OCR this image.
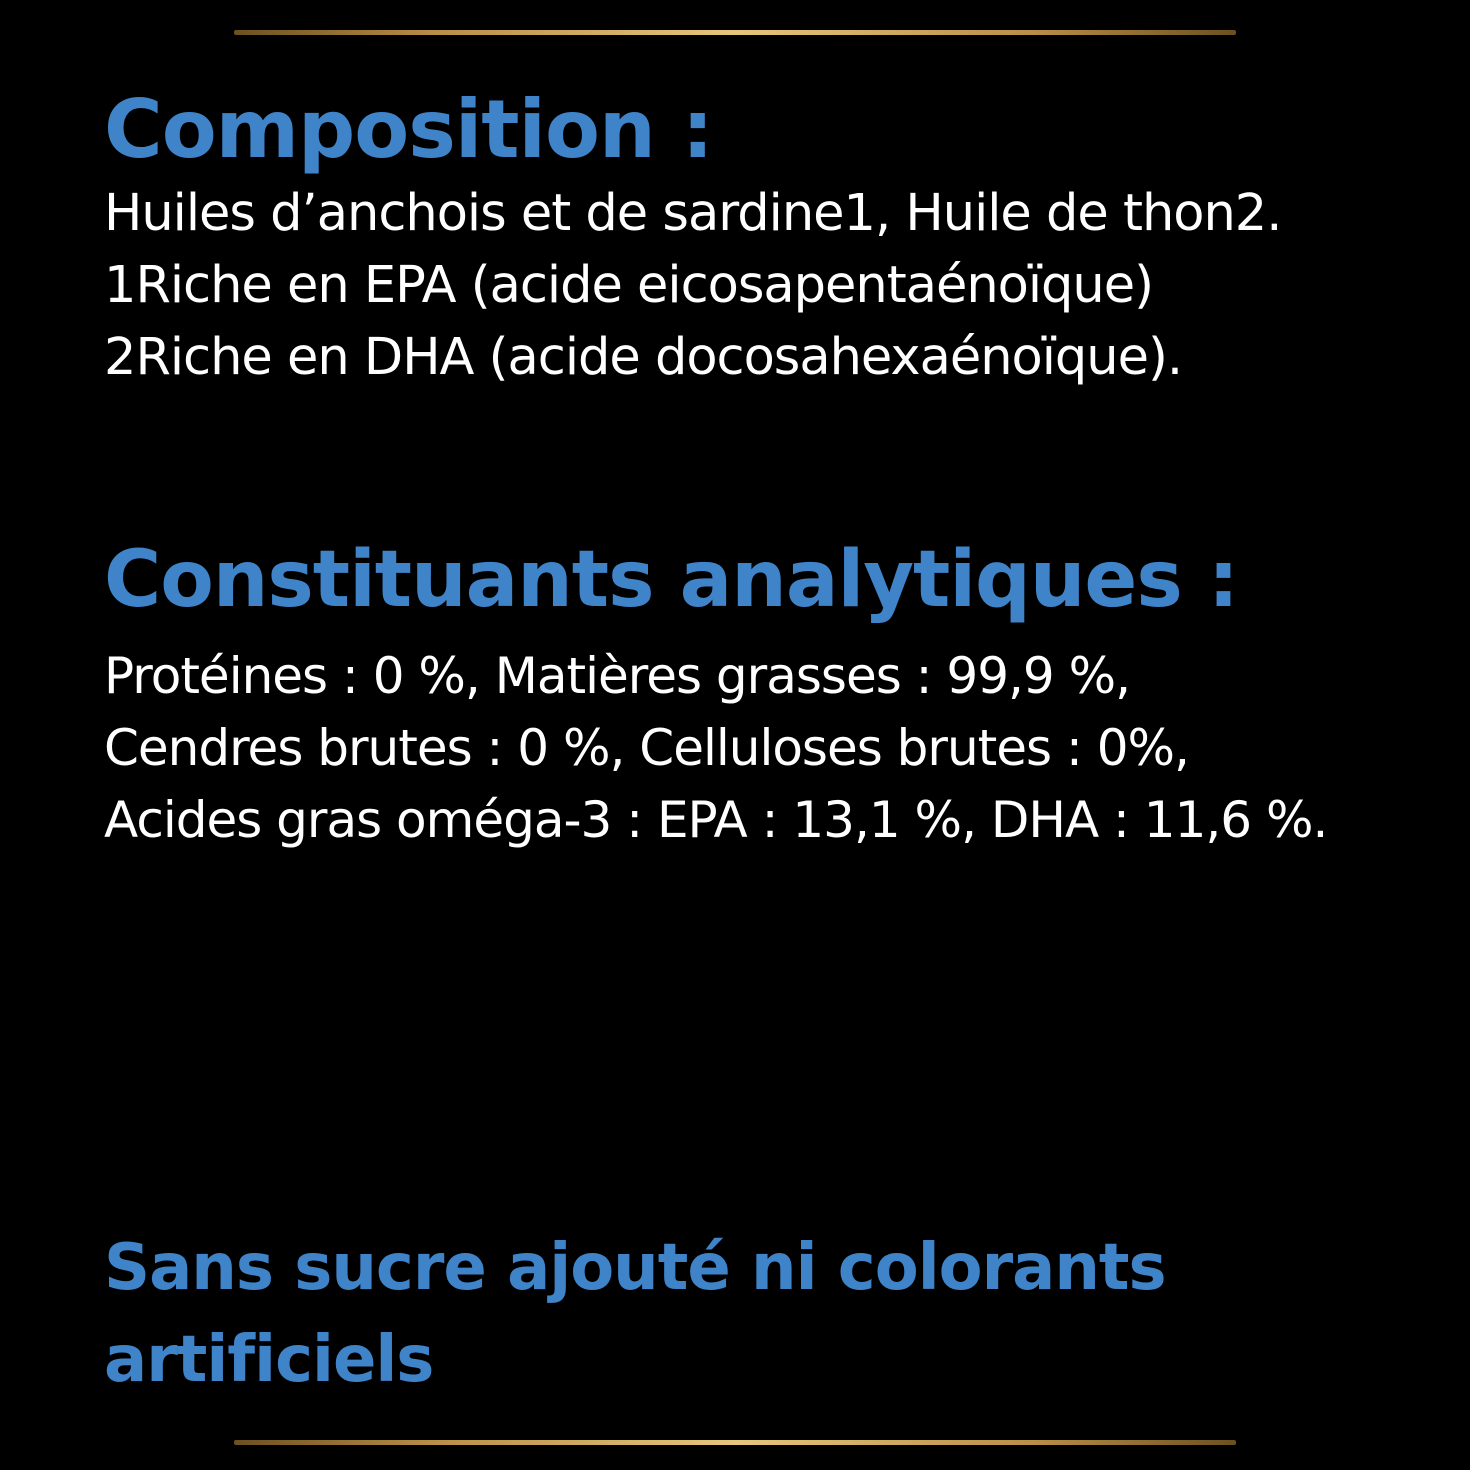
Composition :
Huiles d’anchois et de sardine1, Huile de thon2.
1Riche en EPA (acide eicosapentaénoïque)
2Riche en DHA (acide docosahexaénoïque).
Constituants analytiques :
Protéines : 0 %, Matières grasses : 99,9 %,
Cendres brutes : 0 %, Celluloses brutes : 0%,
Acides gras oméga-3 : EPA : 13,1 %, DHA : 11,6 %.
Sans sucre ajouté ni colorants artificiels
